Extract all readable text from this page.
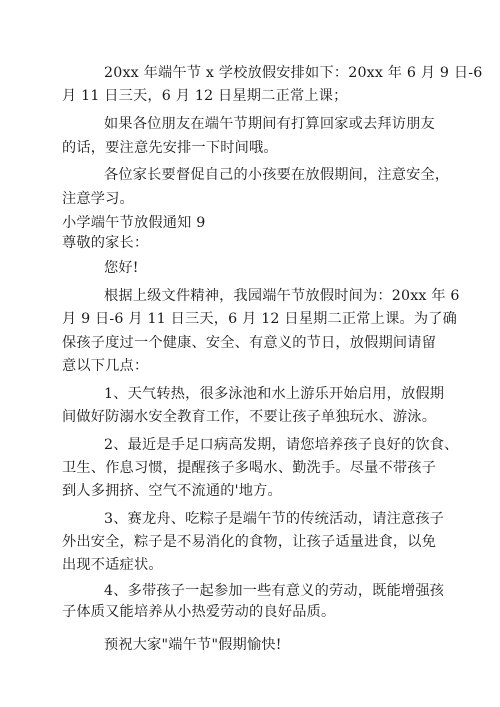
20xx 年端午节 x 学校放假安排如下：20xx 年 6 月 9 日-6
月 11 日三天，6 月 12 日星期二正常上课；
如果各位朋友在端午节期间有打算回家或去拜访朋友
的话，要注意先安排一下时间哦。
各位家长要督促自己的小孩要在放假期间，注意安全，
注意学习。
小学端午节放假通知 9
尊敬的家长：
您好!
根据上级文件精神，我园端午节放假时间为：20xx 年 6
月 9 日-6 月 11 日三天，6 月 12 日星期二正常上课。为了确
保孩子度过一个健康、安全、有意义的节日，放假期间请留
意以下几点：
1、天气转热，很多泳池和水上游乐开始启用，放假期
间做好防溺水安全教育工作，不要让孩子单独玩水、游泳。
2、最近是手足口病高发期，请您培养孩子良好的饮食、
卫生、作息习惯，提醒孩子多喝水、勤洗手。尽量不带孩子
到人多拥挤、空气不流通的'地方。
3、赛龙舟、吃粽子是端午节的传统活动，请注意孩子
外出安全，粽子是不易消化的食物，让孩子适量进食，以免
出现不适症状。
4、多带孩子一起参加一些有意义的劳动，既能增强孩
子体质又能培养从小热爱劳动的良好品质。
预祝大家"端午节"假期愉快!
